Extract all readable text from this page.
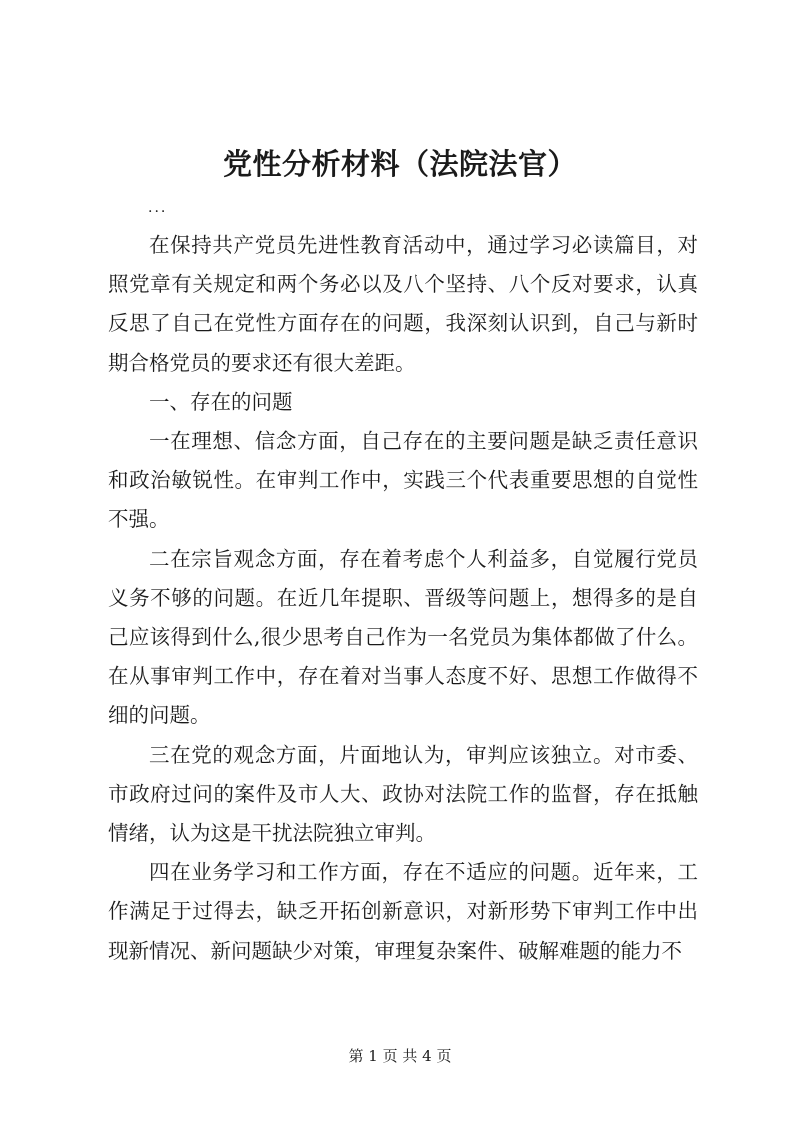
党性分析材料（法院法官）
...

在保持共产党员先进性教育活动中，通过学习必读篇目，对照党章有关规定和两个务必以及八个坚持、八个反对要求，认真反思了自己在党性方面存在的问题，我深刻认识到，自己与新时期合格党员的要求还有很大差距。

一、存在的问题

一在理想、信念方面，自己存在的主要问题是缺乏责任意识和政治敏锐性。在审判工作中，实践三个代表重要思想的自觉性不强。

二在宗旨观念方面，存在着考虑个人利益多，自觉履行党员义务不够的问题。在近几年提职、晋级等问题上，想得多的是自己应该得到什么,很少思考自己作为一名党员为集体都做了什么。在从事审判工作中，存在着对当事人态度不好、思想工作做得不细的问题。

三在党的观念方面，片面地认为，审判应该独立。对市委、市政府过问的案件及市人大、政协对法院工作的监督，存在抵触情绪，认为这是干扰法院独立审判。

四在业务学习和工作方面，存在不适应的问题。近年来，工作满足于过得去，缺乏开拓创新意识，对新形势下审判工作中出现新情况、新问题缺少对策，审理复杂案件、破解难题的能力不

第 1 页 共 4 页
